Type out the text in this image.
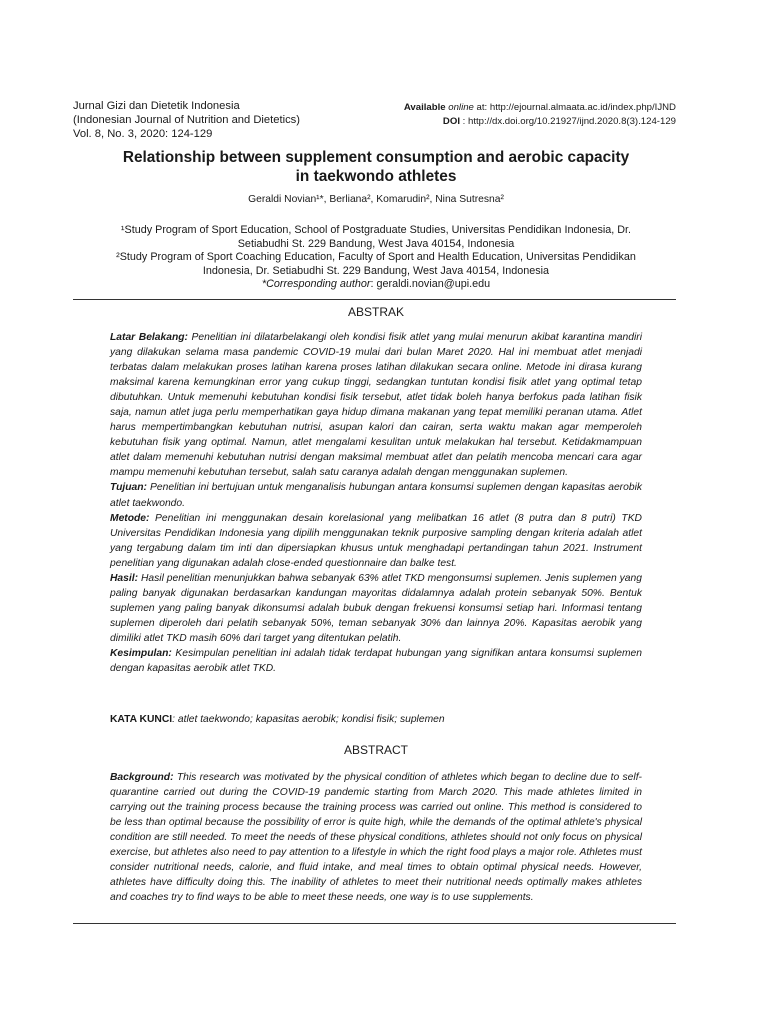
Jurnal Gizi dan Dietetik Indonesia
(Indonesian Journal of Nutrition and Dietetics)
Vol. 8, No. 3, 2020: 124-129
Available online at: http://ejournal.almaata.ac.id/index.php/IJND
DOI : http://dx.doi.org/10.21927/ijnd.2020.8(3).124-129
Relationship between supplement consumption and aerobic capacity
in taekwondo athletes
Geraldi Novian¹*, Berliana², Komarudin², Nina Sutresna²
¹Study Program of Sport Education, School of Postgraduate Studies, Universitas Pendidikan Indonesia, Dr.
Setiabudhi St. 229 Bandung, West Java 40154, Indonesia
²Study Program of Sport Coaching Education, Faculty of Sport and Health Education, Universitas Pendidikan
Indonesia, Dr. Setiabudhi St. 229 Bandung, West Java 40154, Indonesia
*Corresponding author: geraldi.novian@upi.edu
ABSTRAK

Latar Belakang: Penelitian ini dilatarbelakangi oleh kondisi fisik atlet yang mulai menurun akibat karantina mandiri yang dilakukan selama masa pandemic COVID-19 mulai dari bulan Maret 2020. Hal ini membuat atlet menjadi terbatas dalam melakukan proses latihan karena proses latihan dilakukan secara online. Metode ini dirasa kurang maksimal karena kemungkinan error yang cukup tinggi, sedangkan tuntutan kondisi fisik atlet yang optimal tetap dibutuhkan. Untuk memenuhi kebutuhan kondisi fisik tersebut, atlet tidak boleh hanya berfokus pada latihan fisik saja, namun atlet juga perlu memperhatikan gaya hidup dimana makanan yang tepat memiliki peranan utama. Atlet harus mempertimbangkan kebutuhan nutrisi, asupan kalori dan cairan, serta waktu makan agar memperoleh kebutuhan fisik yang optimal. Namun, atlet mengalami kesulitan untuk melakukan hal tersebut. Ketidakmampuan atlet dalam memenuhi kebutuhan nutrisi dengan maksimal membuat atlet dan pelatih mencoba mencari cara agar mampu memenuhi kebutuhan tersebut, salah satu caranya adalah dengan menggunakan suplemen.

Tujuan: Penelitian ini bertujuan untuk menganalisis hubungan antara konsumsi suplemen dengan kapasitas aerobik atlet taekwondo.

Metode: Penelitian ini menggunakan desain korelasional yang melibatkan 16 atlet (8 putra dan 8 putri) TKD Universitas Pendidikan Indonesia yang dipilih menggunakan teknik purposive sampling dengan kriteria adalah atlet yang tergabung dalam tim inti dan dipersiapkan khusus untuk menghadapi pertandingan tahun 2021. Instrument penelitian yang digunakan adalah close-ended questionnaire dan balke test.

Hasil: Hasil penelitian menunjukkan bahwa sebanyak 63% atlet TKD mengonsumsi suplemen. Jenis suplemen yang paling banyak digunakan berdasarkan kandungan mayoritas didalamnya adalah protein sebanyak 50%. Bentuk suplemen yang paling banyak dikonsumsi adalah bubuk dengan frekuensi konsumsi setiap hari. Informasi tentang suplemen diperoleh dari pelatih sebanyak 50%, teman sebanyak 30% dan lainnya 20%. Kapasitas aerobik yang dimiliki atlet TKD masih 60% dari target yang ditentukan pelatih.

Kesimpulan: Kesimpulan penelitian ini adalah tidak terdapat hubungan yang signifikan antara konsumsi suplemen dengan kapasitas aerobik atlet TKD.

KATA KUNCI: atlet taekwondo; kapasitas aerobik; kondisi fisik; suplemen
ABSTRACT

Background: This research was motivated by the physical condition of athletes which began to decline due to self-quarantine carried out during the COVID-19 pandemic starting from March 2020. This made athletes limited in carrying out the training process because the training process was carried out online. This method is considered to be less than optimal because the possibility of error is quite high, while the demands of the optimal athlete's physical condition are still needed. To meet the needs of these physical conditions, athletes should not only focus on physical exercise, but athletes also need to pay attention to a lifestyle in which the right food plays a major role. Athletes must consider nutritional needs, calorie, and fluid intake, and meal times to obtain optimal physical needs. However, athletes have difficulty doing this. The inability of athletes to meet their nutritional needs optimally makes athletes and coaches try to find ways to be able to meet these needs, one way is to use supplements.
